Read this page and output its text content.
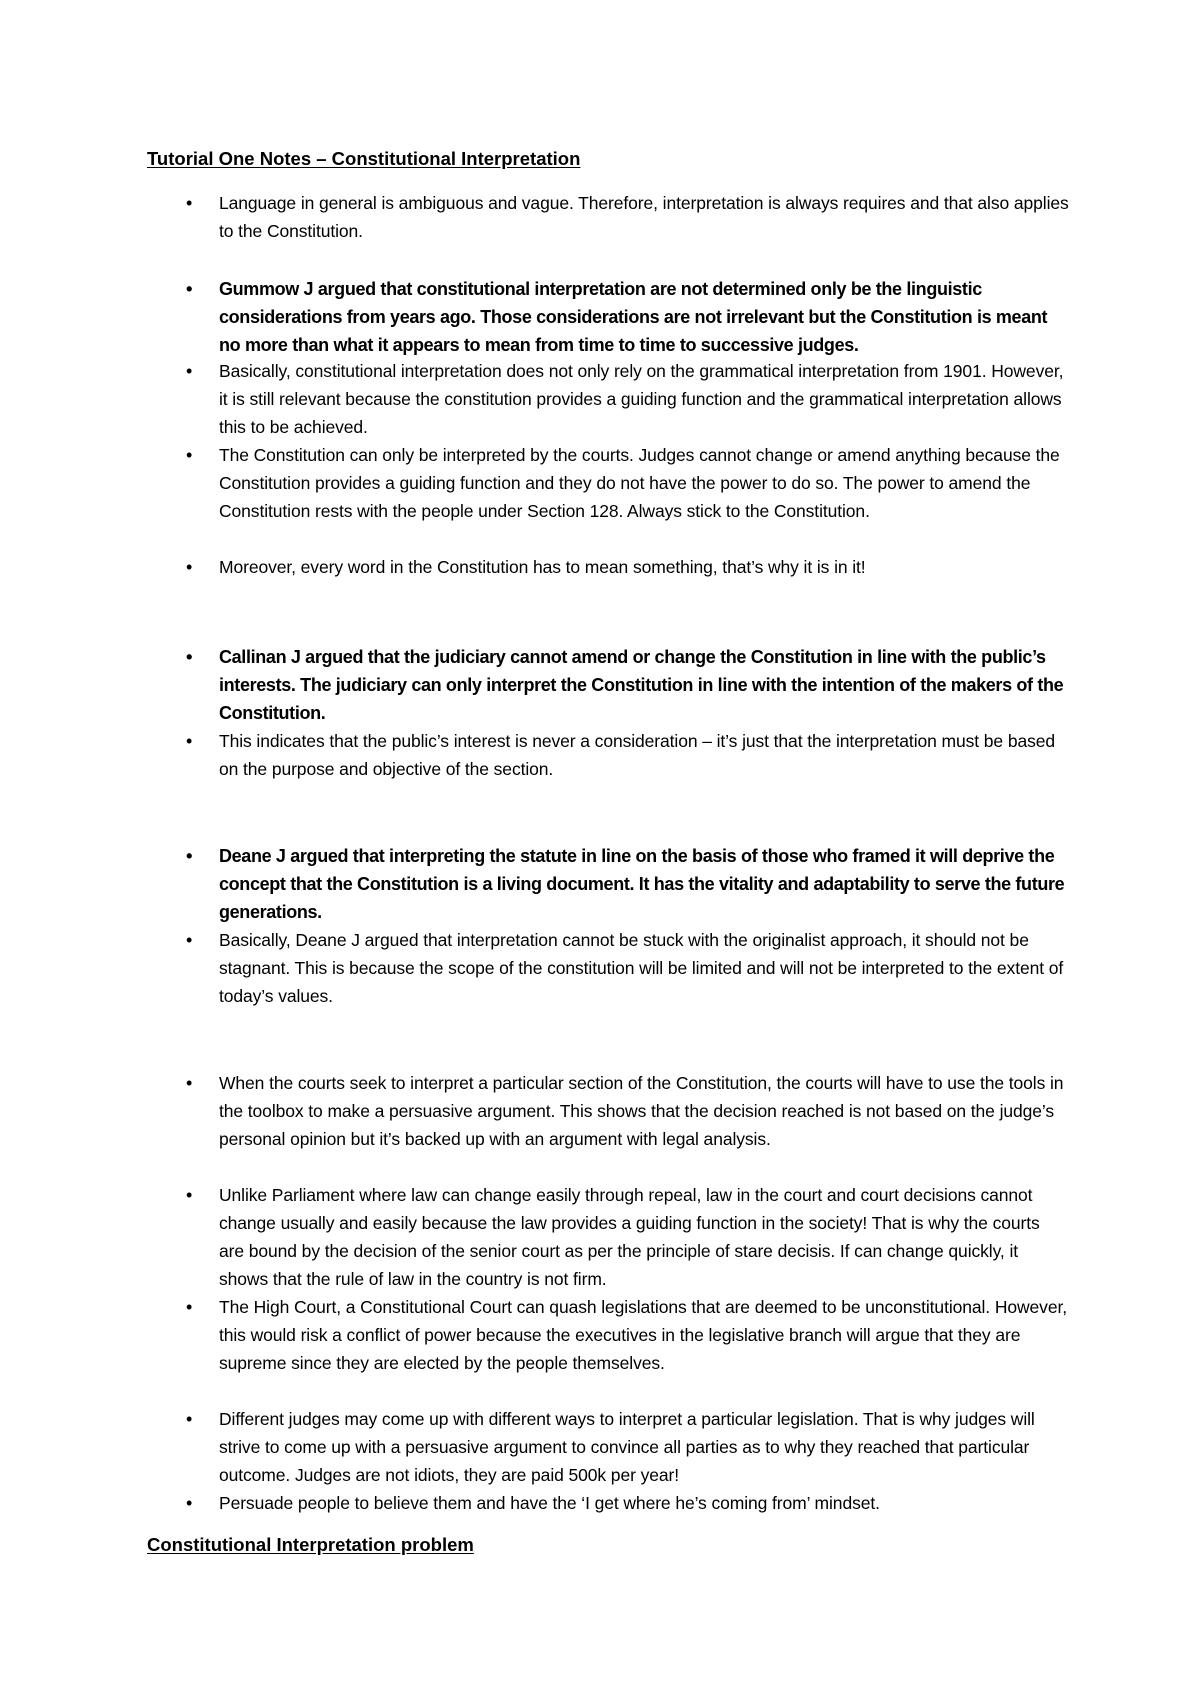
Tutorial One Notes – Constitutional Interpretation
• Language in general is ambiguous and vague. Therefore, interpretation is always requires and that also applies to the Constitution.
• Gummow J argued that constitutional interpretation are not determined only be the linguistic considerations from years ago. Those considerations are not irrelevant but the Constitution is meant no more than what it appears to mean from time to time to successive judges.
• Basically, constitutional interpretation does not only rely on the grammatical interpretation from 1901. However, it is still relevant because the constitution provides a guiding function and the grammatical interpretation allows this to be achieved.
• The Constitution can only be interpreted by the courts. Judges cannot change or amend anything because the Constitution provides a guiding function and they do not have the power to do so. The power to amend the Constitution rests with the people under Section 128. Always stick to the Constitution.
• Moreover, every word in the Constitution has to mean something, that’s why it is in it!
• Callinan J argued that the judiciary cannot amend or change the Constitution in line with the public’s interests. The judiciary can only interpret the Constitution in line with the intention of the makers of the Constitution.
• This indicates that the public’s interest is never a consideration – it’s just that the interpretation must be based on the purpose and objective of the section.
• Deane J argued that interpreting the statute in line on the basis of those who framed it will deprive the concept that the Constitution is a living document. It has the vitality and adaptability to serve the future generations.
• Basically, Deane J argued that interpretation cannot be stuck with the originalist approach, it should not be stagnant. This is because the scope of the constitution will be limited and will not be interpreted to the extent of today’s values.
• When the courts seek to interpret a particular section of the Constitution, the courts will have to use the tools in the toolbox to make a persuasive argument. This shows that the decision reached is not based on the judge’s personal opinion but it’s backed up with an argument with legal analysis.
• Unlike Parliament where law can change easily through repeal, law in the court and court decisions cannot change usually and easily because the law provides a guiding function in the society! That is why the courts are bound by the decision of the senior court as per the principle of stare decisis. If can change quickly, it shows that the rule of law in the country is not firm.
• The High Court, a Constitutional Court can quash legislations that are deemed to be unconstitutional. However, this would risk a conflict of power because the executives in the legislative branch will argue that they are supreme since they are elected by the people themselves.
• Different judges may come up with different ways to interpret a particular legislation. That is why judges will strive to come up with a persuasive argument to convince all parties as to why they reached that particular outcome. Judges are not idiots, they are paid 500k per year!
• Persuade people to believe them and have the ‘I get where he’s coming from’ mindset.
Constitutional Interpretation problem
